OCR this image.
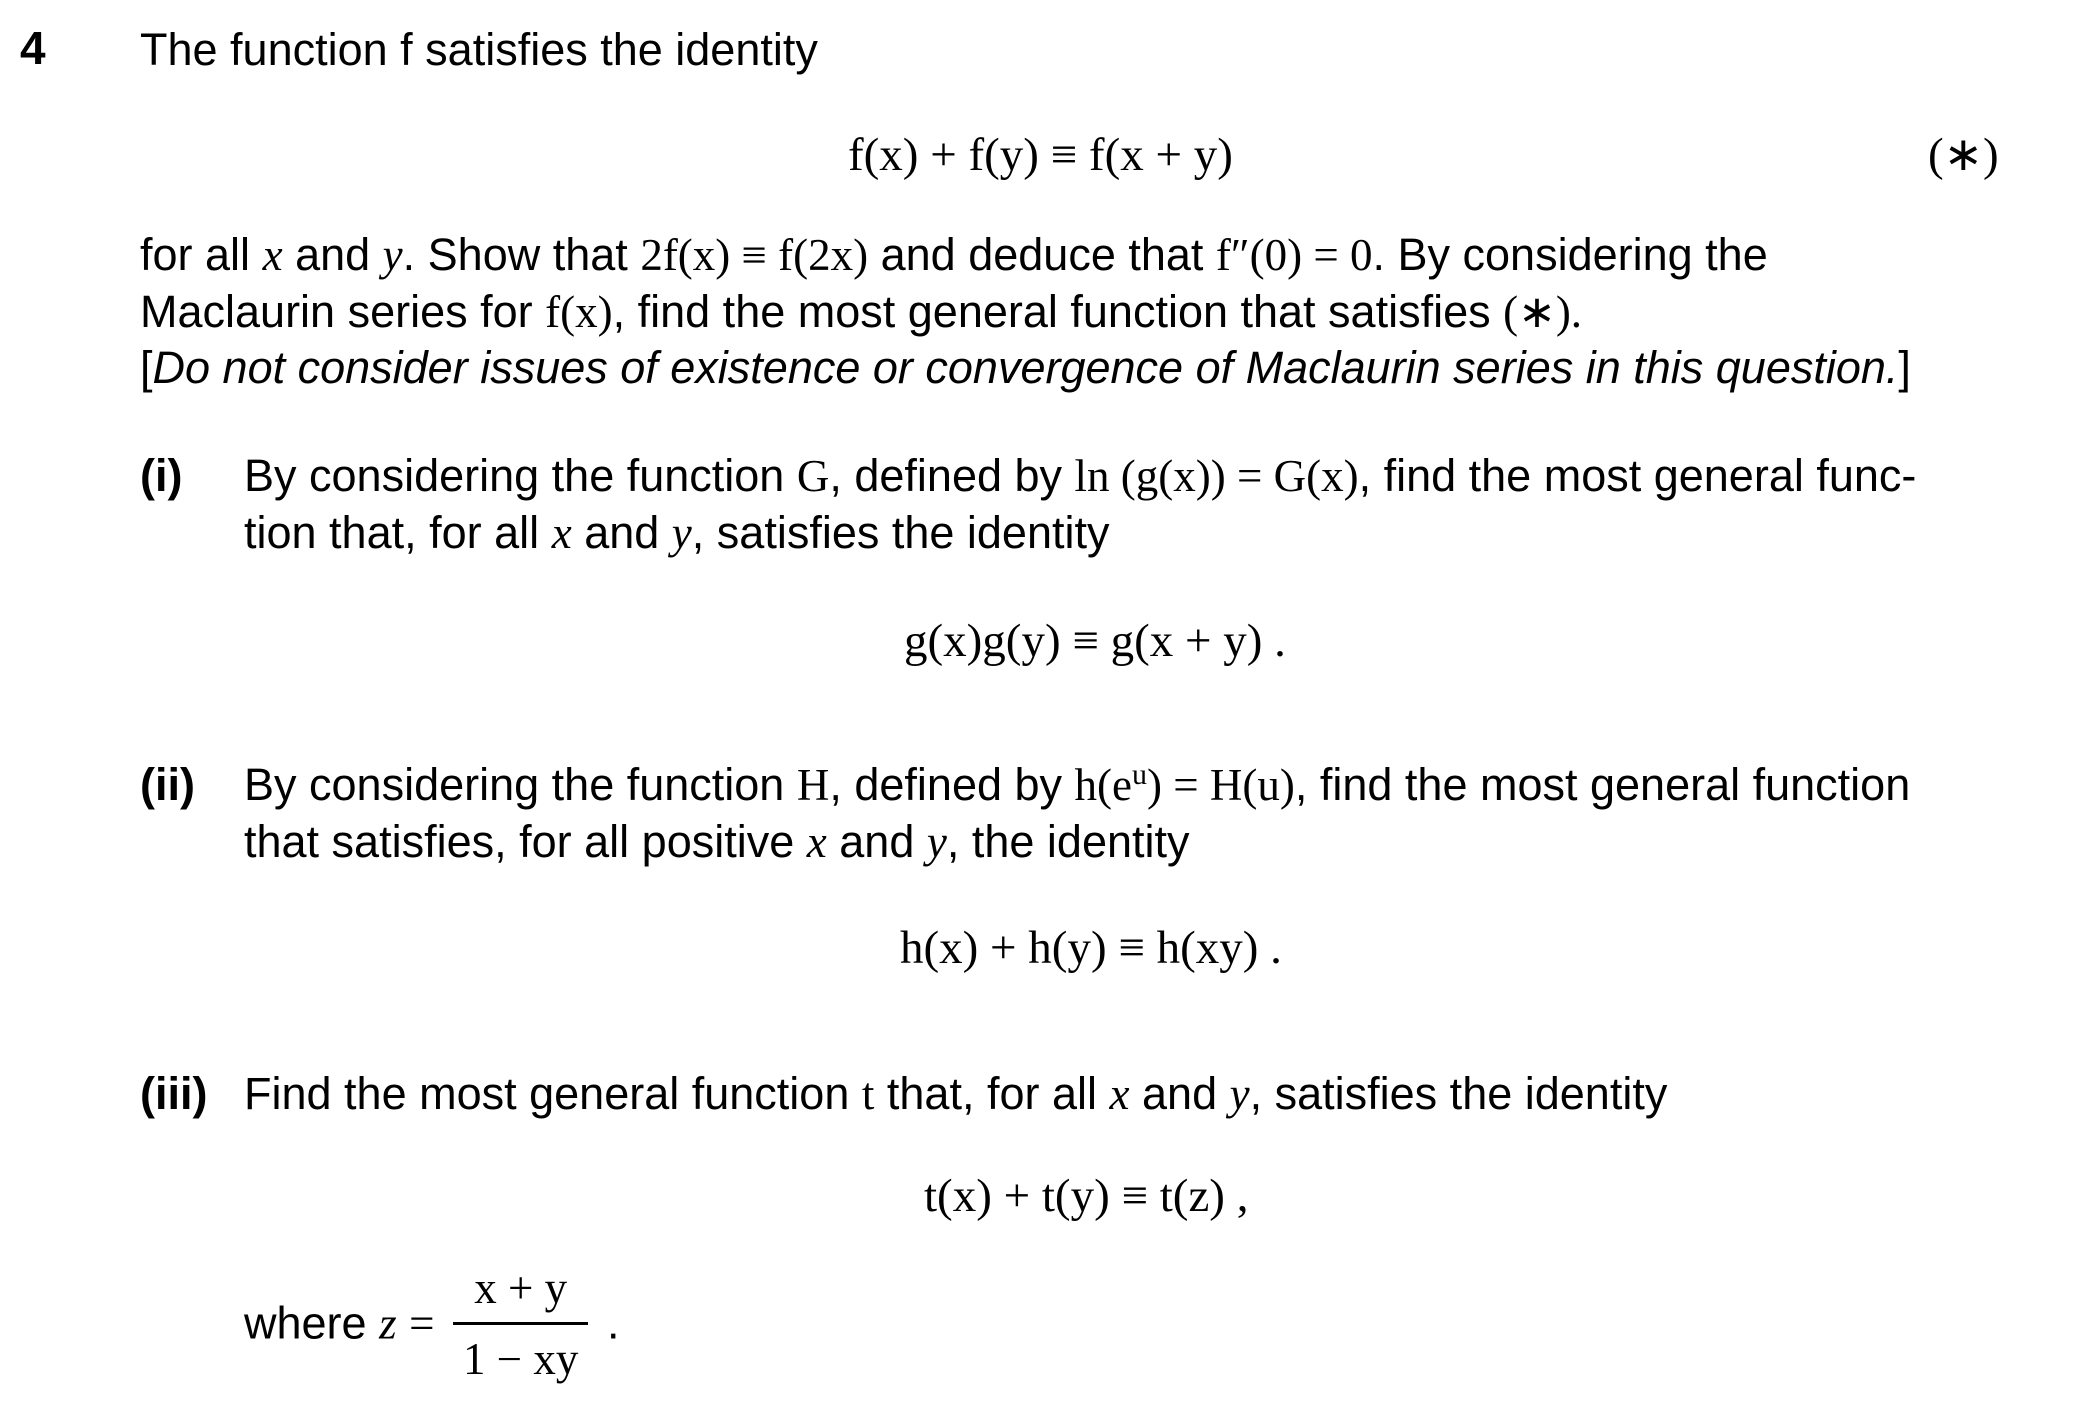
4 The function f satisfies the identity
f(x) + f(y) ≡ f(x + y)	(∗)
for all x and y. Show that 2f(x) ≡ f(2x) and deduce that f″(0) = 0. By considering the
Maclaurin series for f(x), find the most general function that satisfies (∗).
[Do not consider issues of existence or convergence of Maclaurin series in this question.]
(i) By considering the function G, defined by ln (g(x)) = G(x), find the most general func-
tion that, for all x and y, satisfies the identity
g(x)g(y) ≡ g(x + y) .
(ii) By considering the function H, defined by $h(e^u) = H(u)$, find the most general function
that satisfies, for all positive x and y, the identity
h(x) + h(y) ≡ h(xy) .
(iii) Find the most general function t that, for all x and y, satisfies the identity
t(x) + t(y) ≡ t(z) ,
where $z = \frac{x + y}{1 - xy}$ .
